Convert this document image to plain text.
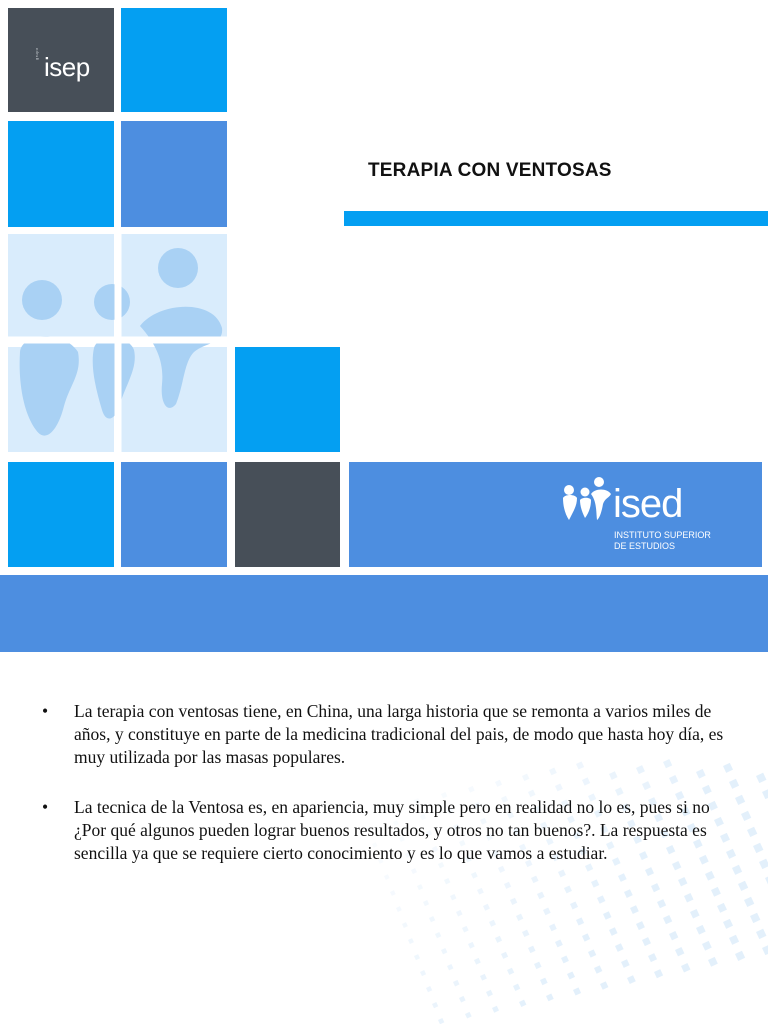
grupo isep
TERAPIA CON VENTOSAS
ised
INSTITUTO SUPERIOR
DE ESTUDIOS
• La terapia con ventosas tiene, en China, una larga historia que se remonta a varios miles de años, y constituye en parte de la medicina tradicional del pais, de modo que hasta hoy día, es muy utilizada por las masas populares.
• La tecnica de la Ventosa es, en apariencia, muy simple pero en realidad no lo es, pues si no ¿Por qué algunos pueden lograr buenos resultados, y otros no tan buenos?. La respuesta es sencilla ya que se requiere cierto conocimiento y es lo que vamos a estudiar.
